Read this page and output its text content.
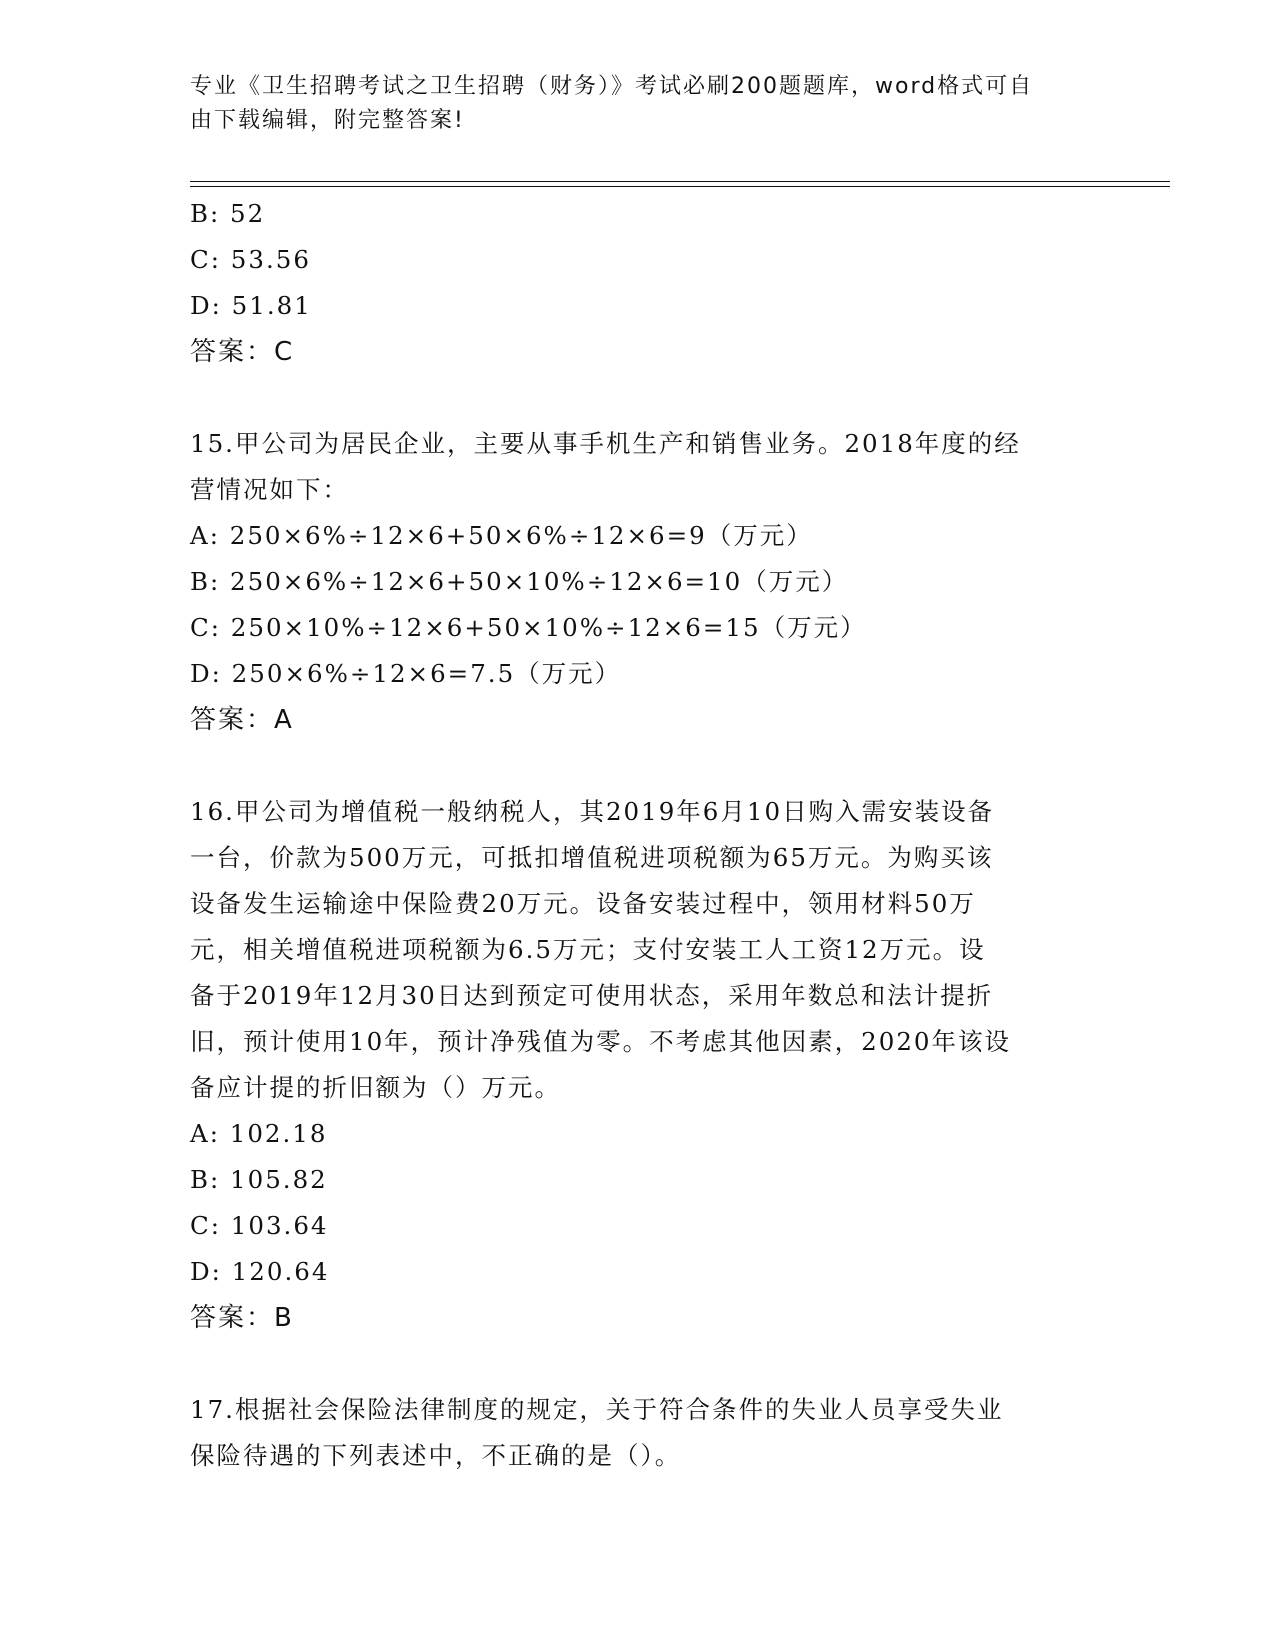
专业《卫生招聘考试之卫生招聘（财务）》考试必刷200题题库，word格式可自
由下载编辑，附完整答案!
B: 52
C: 53.56
D: 51.81
答案：C
15.甲公司为居民企业，主要从事手机生产和销售业务。2018年度的经
营情况如下：
A: 250×6%÷12×6+50×6%÷12×6=9（万元）
B: 250×6%÷12×6+50×10%÷12×6=10（万元）
C: 250×10%÷12×6+50×10%÷12×6=15（万元）
D: 250×6%÷12×6=7.5（万元）
答案：A
16.甲公司为增值税一般纳税人，其2019年6月10日购入需安装设备
一台，价款为500万元，可抵扣增值税进项税额为65万元。为购买该
设备发生运输途中保险费20万元。设备安装过程中，领用材料50万
元，相关增值税进项税额为6.5万元；支付安装工人工资12万元。设
备于2019年12月30日达到预定可使用状态，采用年数总和法计提折
旧，预计使用10年，预计净残值为零。不考虑其他因素，2020年该设
备应计提的折旧额为（）万元。
A: 102.18
B: 105.82
C: 103.64
D: 120.64
答案：B
17.根据社会保险法律制度的规定，关于符合条件的失业人员享受失业
保险待遇的下列表述中，不正确的是（）。
